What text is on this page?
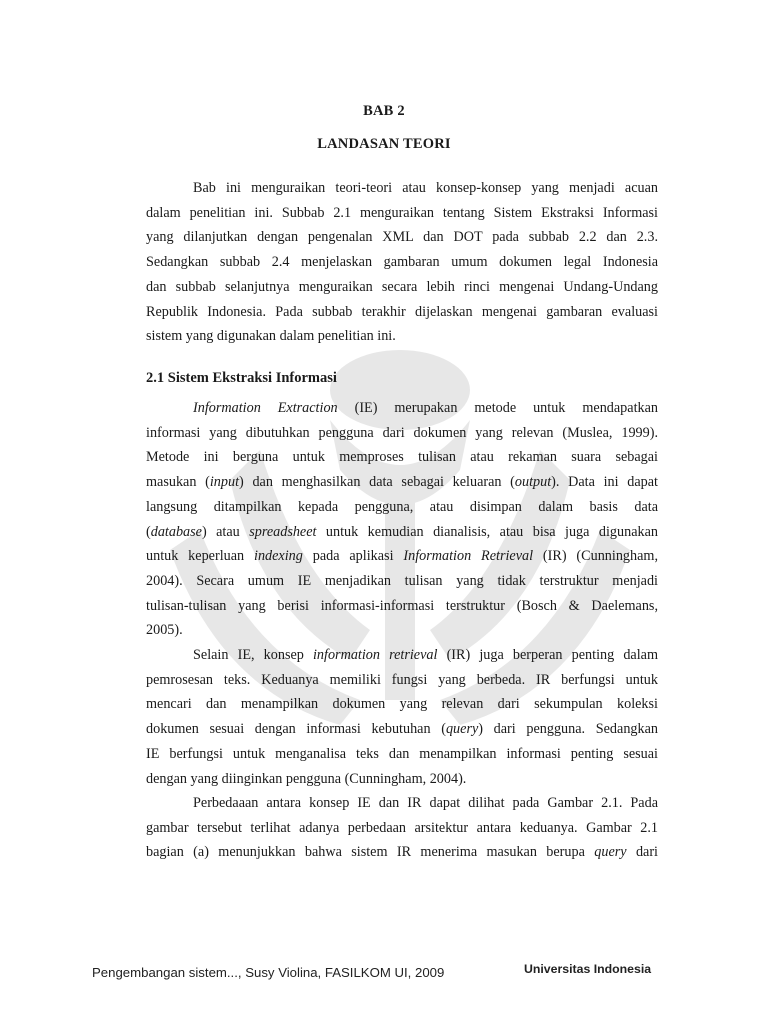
BAB 2
LANDASAN TEORI
Bab ini menguraikan teori-teori atau konsep-konsep yang menjadi acuan
dalam penelitian ini. Subbab 2.1 menguraikan tentang Sistem Ekstraksi Informasi
yang dilanjutkan dengan pengenalan XML dan DOT pada subbab 2.2 dan 2.3.
Sedangkan subbab 2.4 menjelaskan gambaran umum dokumen legal Indonesia
dan subbab selanjutnya menguraikan secara lebih rinci mengenai Undang-Undang
Republik Indonesia. Pada subbab terakhir dijelaskan mengenai gambaran evaluasi
sistem yang digunakan dalam penelitian ini.
2.1 Sistem Ekstraksi Informasi
Information Extraction (IE) merupakan metode untuk mendapatkan
informasi yang dibutuhkan pengguna dari dokumen yang relevan (Muslea, 1999).
Metode ini berguna untuk memproses tulisan atau rekaman suara sebagai
masukan (input) dan menghasilkan data sebagai keluaran (output). Data ini dapat
langsung ditampilkan kepada pengguna, atau disimpan dalam basis data
(database) atau spreadsheet untuk kemudian dianalisis, atau bisa juga digunakan
untuk keperluan indexing pada aplikasi Information Retrieval (IR) (Cunningham,
2004). Secara umum IE menjadikan tulisan yang tidak terstruktur menjadi
tulisan-tulisan yang berisi informasi-informasi terstruktur (Bosch & Daelemans,
2005).
Selain IE, konsep information retrieval (IR) juga berperan penting dalam
pemrosesan teks. Keduanya memiliki fungsi yang berbeda. IR berfungsi untuk
mencari dan menampilkan dokumen yang relevan dari sekumpulan koleksi
dokumen sesuai dengan informasi kebutuhan (query) dari pengguna. Sedangkan
IE berfungsi untuk menganalisa teks dan menampilkan informasi penting sesuai
dengan yang diinginkan pengguna (Cunningham, 2004).
Perbedaaan antara konsep IE dan IR dapat dilihat pada Gambar 2.1. Pada
gambar tersebut terlihat adanya perbedaan arsitektur antara keduanya. Gambar 2.1
bagian (a) menunjukkan bahwa sistem IR menerima masukan berupa query dari
Pengembangan sistem..., Susy Violina, FASILKOM UI, 2009	Universitas Indonesia
